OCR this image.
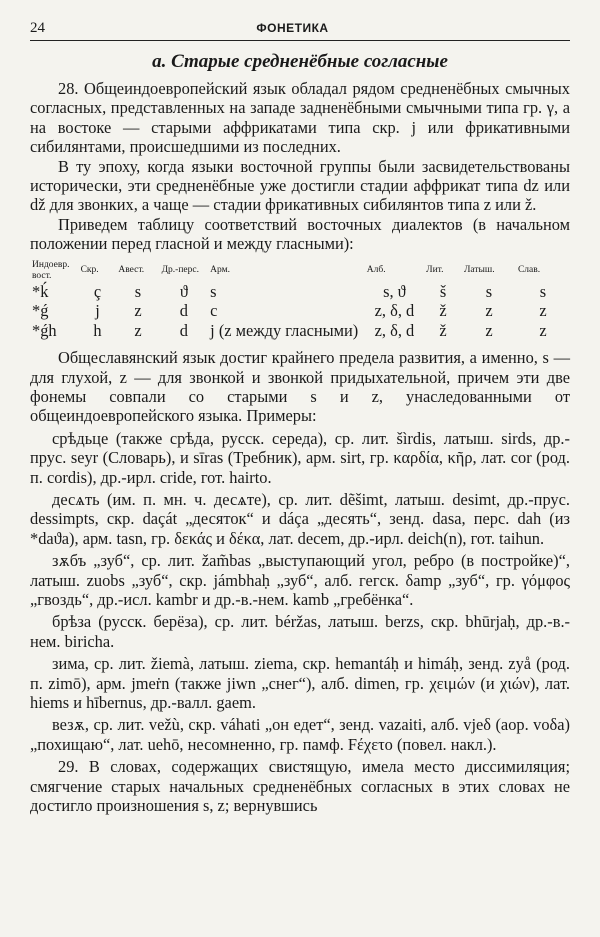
24	ФОНЕТИКА
a. Старые средненёбные согласные

28. Общеиндоевропейский язык обладал рядом средненёбных смычных согласных, представленных на западе задненёбными смычными типа гр. γ, а на востоке — старыми аффрикатами типа скр. j или фрикативными сибилянтами, происшедшими из последних.

В ту эпоху, когда языки восточной группы были засвидетельствованы исторически, эти средненёбные уже достигли стадии аффрикат типа dz или dž для звонких, а чаще — стадии фрикативных сибилянтов типа z или ž.

Приведем таблицу соответствий восточных диалектов (в начальном положении перед гласной и между гласными):

Индоевр. вост.	Скр.	Авест.	Др.-перс.	Арм.	Алб.	Лит.	Латыш.	Слав.
*ḱ	ç	s	ϑ	s	s, ϑ	š	s	s
*ǵ	j	z	d	c	z, δ, d	ž	z	z
*ǵh	h	z	d	j (z между гласными)	z, δ, d	ž	z	z

Общеславянский язык достиг крайнего предела развития, а именно, s — для глухой, z — для звонкой и звонкой придыхательной, причем эти две фонемы совпали со старыми s и z, унаследованными от общеиндоевропейского языка. Примеры:

срѣдьце (также срѣда, русск. середа), ср. лит. šìrdis, латыш. sirds, др.-прус. seyr (Словарь), и sīras (Требник), арм. sirt, гр. καρδία, κῆρ, лат. cor (род. п. cordis), др.-ирл. cride, гот. hairto.

десѧть (им. п. мн. ч. десѧте), ср. лит. dẽšimt, латыш. desimt, др.-прус. dessimpts, скр. daçát „десяток“ и dáça „десять“, зенд. dasa, перс. dah (из *daϑa), арм. tasn, гр. δεκάς и δέκα, лат. decem, др.-ирл. deich(n), гот. taihun.

зѫбъ „зуб“, ср. лит. žam̃bas „выступающий угол, ребро (в постройке)“, латыш. zuobs „зуб“, скр. jámbhaḥ „зуб“, алб. гегск. δamp „зуб“, гр. γόμφος „гвоздь“, др.-исл. kambr и др.-в.-нем. kamb „гребёнка“.

брѣза (русск. берёза), ср. лит. béržas, латыш. berzs, скр. bhūrjaḥ, др.-в.-нем. biricha.

зима, ср. лит. žiemà, латыш. ziema, скр. hemantáḥ и himáḥ, зенд. zyå (род. п. zimō), арм. jmeṙn (также jiwn „снег“), алб. dimen, гр. χειμών (и χιών), лат. hiems и hībernus, др.-валл. gaem.

везѫ, ср. лит. vežù, скр. váhati „он едет“, зенд. vazaiti, алб. vjeδ (аор. voδa) „похищаю“, лат. uehō, несомненно, гр. памф. Fέχετο (повел. накл.).

29. В словах, содержащих свистящую, имела место диссимиляция; смягчение старых начальных средненёбных согласных в этих словах не достигло произношения s, z; вернувшись
